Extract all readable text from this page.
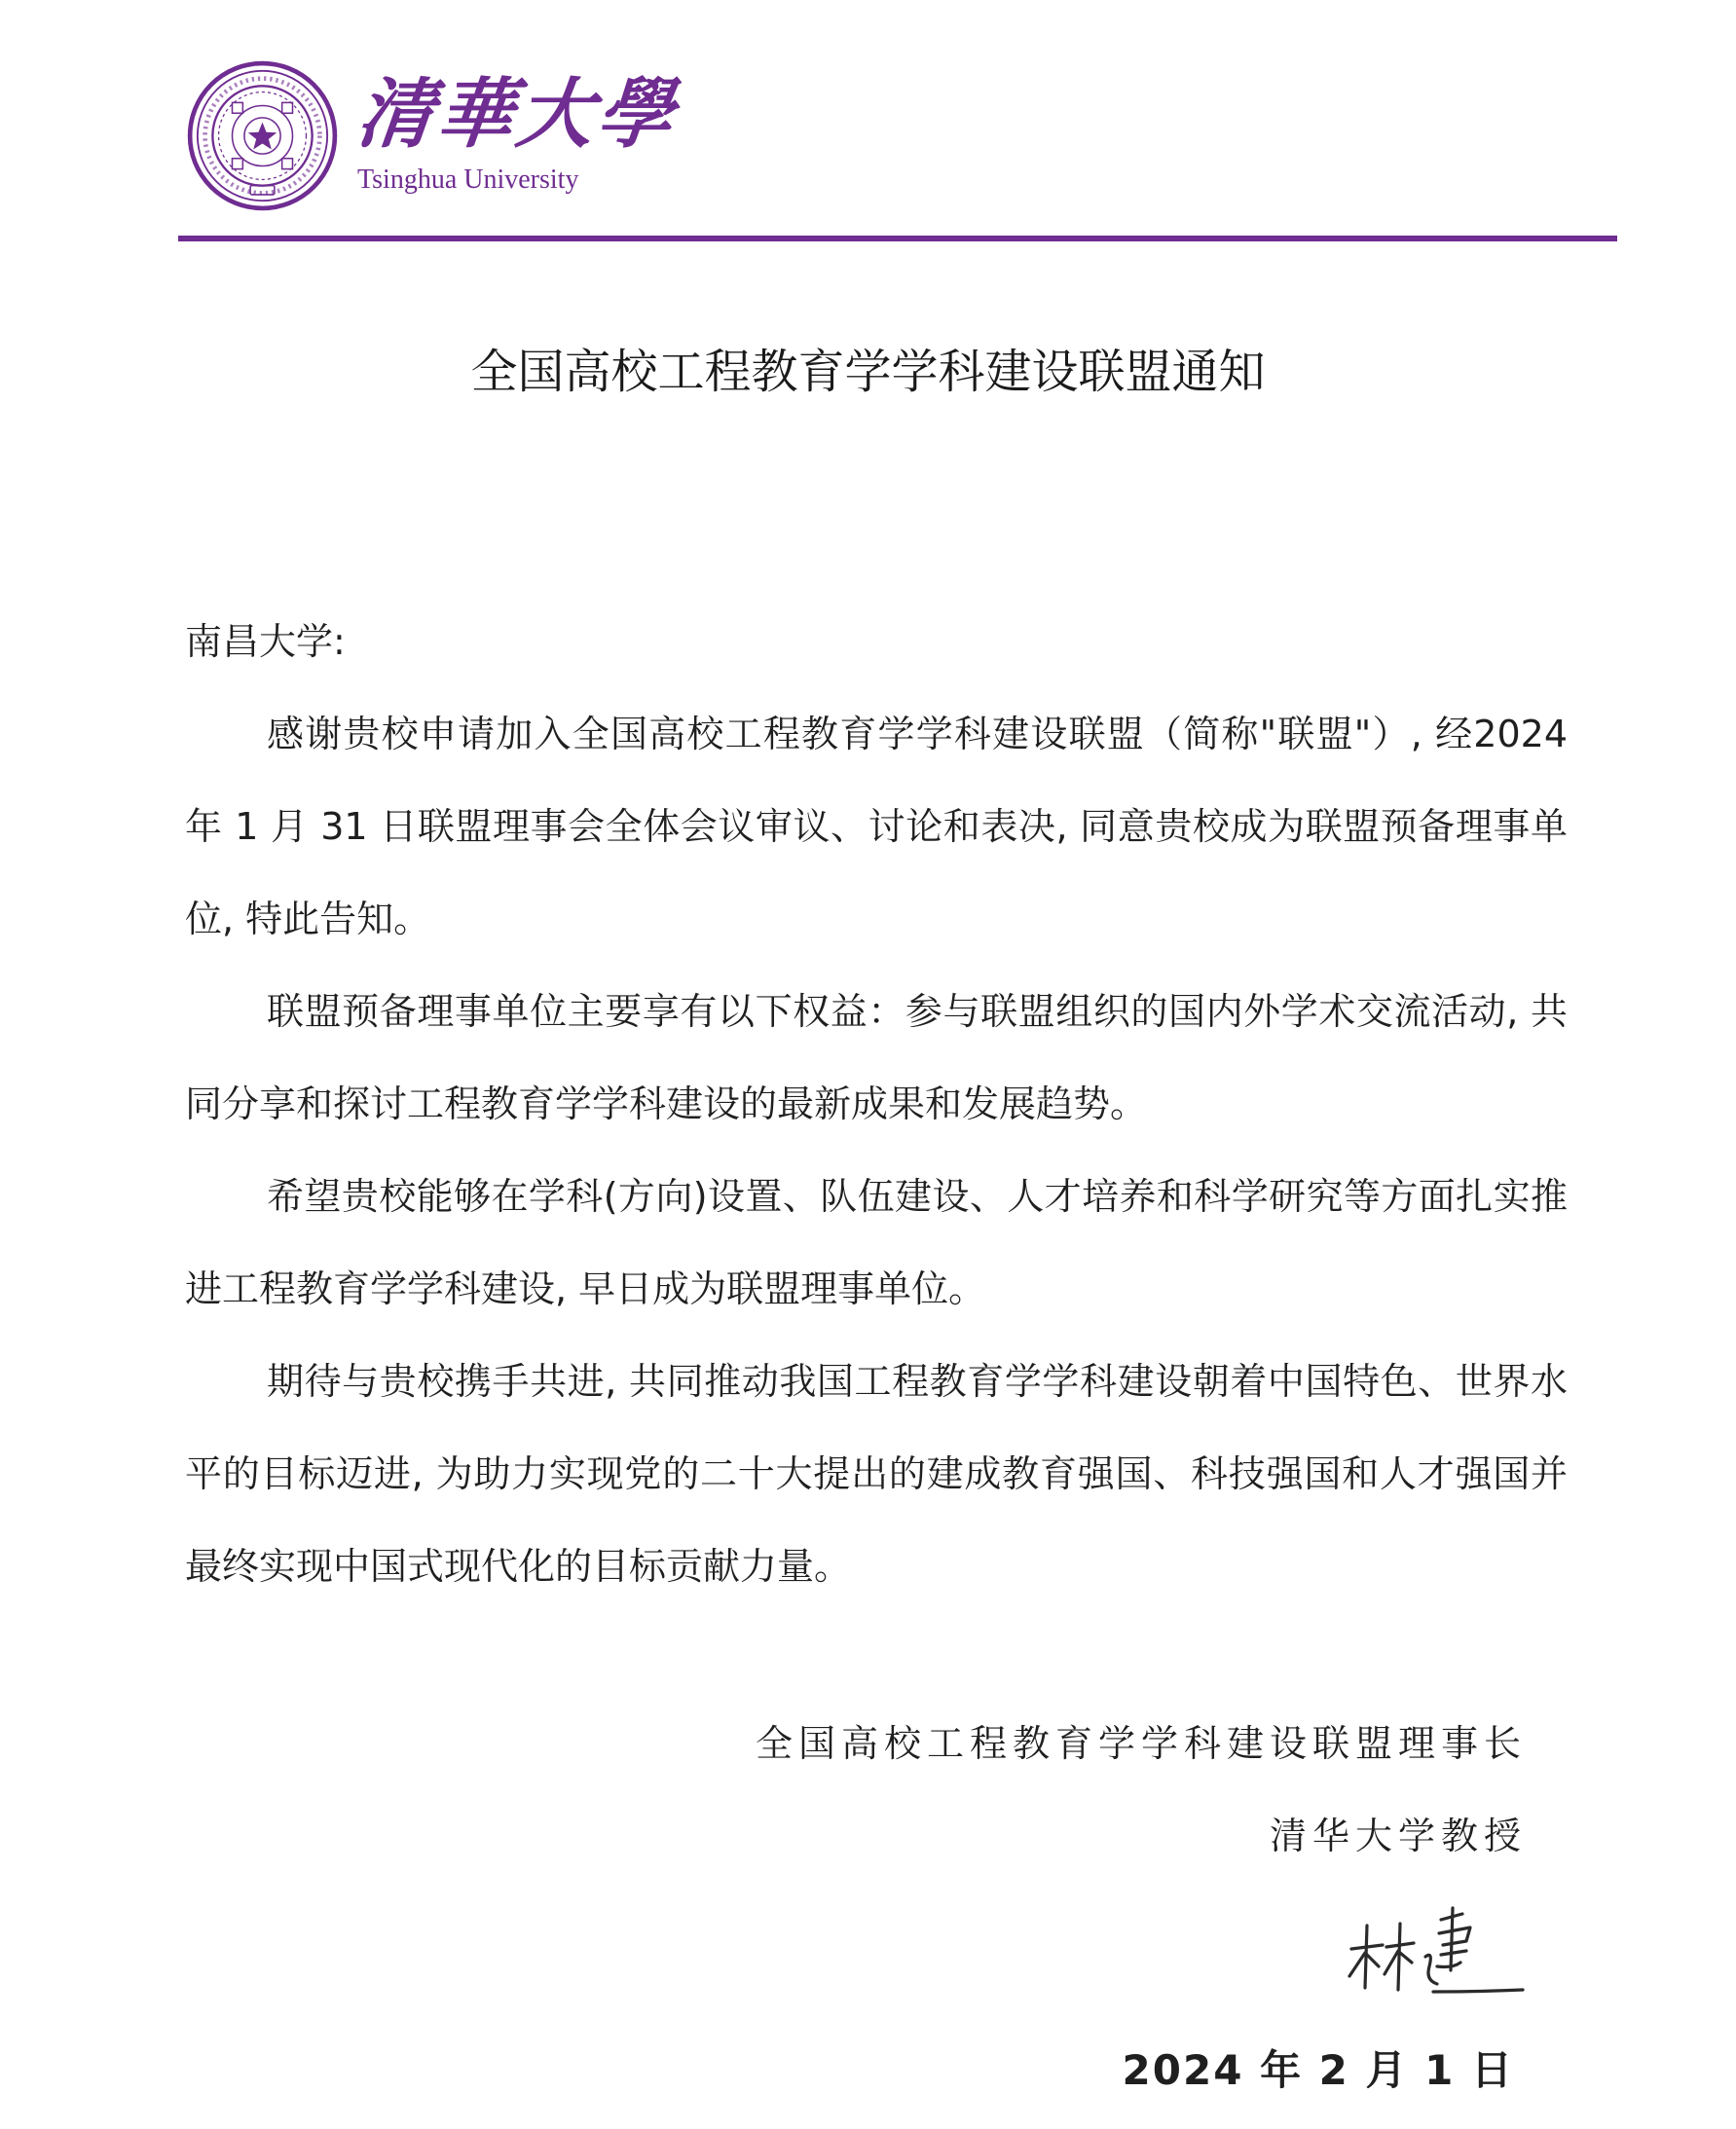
清華大學
Tsinghua University
全国高校工程教育学学科建设联盟通知

南昌大学:

感谢贵校申请加入全国高校工程教育学学科建设联盟（简称"联盟"）, 经2024 年 1 月 31 日联盟理事会全体会议审议、讨论和表决, 同意贵校成为联盟预备理事单位, 特此告知。

联盟预备理事单位主要享有以下权益：参与联盟组织的国内外学术交流活动, 共同分享和探讨工程教育学学科建设的最新成果和发展趋势。

希望贵校能够在学科(方向)设置、队伍建设、人才培养和科学研究等方面扎实推进工程教育学学科建设, 早日成为联盟理事单位。

期待与贵校携手共进, 共同推动我国工程教育学学科建设朝着中国特色、世界水平的目标迈进, 为助力实现党的二十大提出的建成教育强国、科技强国和人才强国并最终实现中国式现代化的目标贡献力量。

全国高校工程教育学学科建设联盟理事长
清华大学教授
2024 年 2 月 1 日
